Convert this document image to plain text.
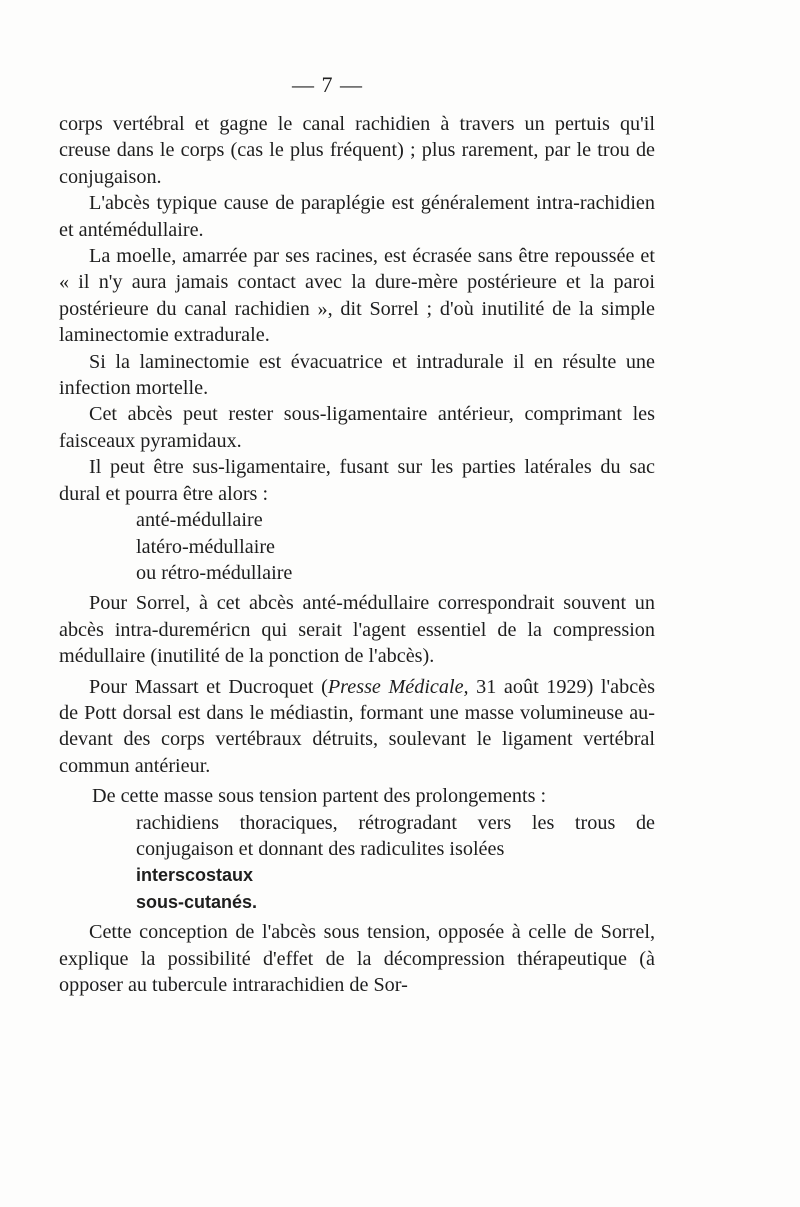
— 7 —

corps vertébral et gagne le canal rachidien à travers un pertuis qu'il creuse dans le corps (cas le plus fréquent) ; plus rarement, par le trou de conjugaison.

L'abcès typique cause de paraplégie est généralement intra-rachidien et antémédullaire.

La moelle, amarrée par ses racines, est écrasée sans être repoussée et « il n'y aura jamais contact avec la dure-mère postérieure et la paroi postérieure du canal rachidien », dit Sorrel ; d'où inutilité de la simple laminectomie extradurale.

Si la laminectomie est évacuatrice et intradurale il en résulte une infection mortelle.

Cet abcès peut rester sous-ligamentaire antérieur, comprimant les faisceaux pyramidaux.

Il peut être sus-ligamentaire, fusant sur les parties latérales du sac dural et pourra être alors :

anté-médullaire
latéro-médullaire
ou rétro-médullaire

Pour Sorrel, à cet abcès anté-médullaire correspondrait souvent un abcès intra-dureméricn qui serait l'agent essentiel de la compression médullaire (inutilité de la ponction de l'abcès).

Pour Massart et Ducroquet (Presse Médicale, 31 août 1929) l'abcès de Pott dorsal est dans le médiastin, formant une masse volumineuse au-devant des corps vertébraux détruits, soulevant le ligament vertébral commun antérieur.

De cette masse sous tension partent des prolongements :
rachidiens thoraciques, rétrogradant vers les trous de conjugaison et donnant des radiculites isolées
interscostaux
sous-cutanés.

Cette conception de l'abcès sous tension, opposée à celle de Sorrel, explique la possibilité d'effet de la décompression thérapeutique (à opposer au tubercule intrarachidien de Sor-
